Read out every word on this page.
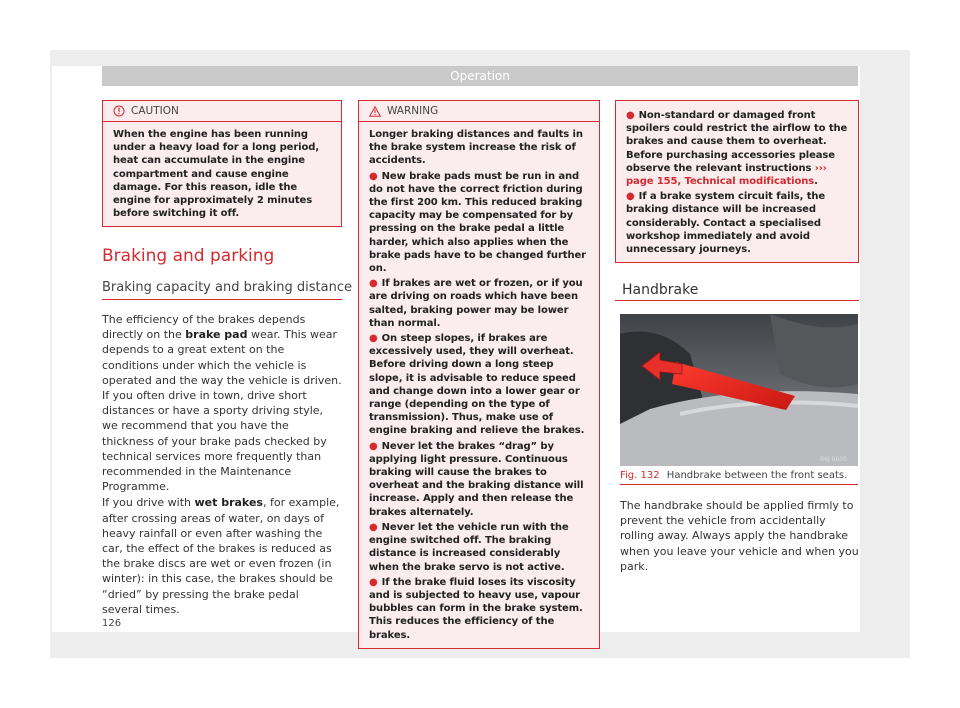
Operation
CAUTION
When the engine has been running under a heavy load for a long period, heat can accumulate in the engine compartment and cause engine damage. For this reason, idle the engine for approximately 2 minutes before switching it off.
Braking and parking
Braking capacity and braking distance

The efficiency of the brakes depends directly on the brake pad wear. This wear depends to a great extent on the conditions under which the vehicle is operated and the way the vehicle is driven. If you often drive in town, drive short distances or have a sporty driving style, we recommend that you have the thickness of your brake pads checked by technical services more frequently than recommended in the Maintenance Programme.

If you drive with wet brakes, for example, after crossing areas of water, on days of heavy rainfall or even after washing the car, the effect of the brakes is reduced as the brake discs are wet or even frozen (in winter): in this case, the brakes should be “dried” by pressing the brake pedal several times.

WARNING
Longer braking distances and faults in the brake system increase the risk of accidents.
● New brake pads must be run in and do not have the correct friction during the first 200 km. This reduced braking capacity may be compensated for by pressing on the brake pedal a little harder, which also applies when the brake pads have to be changed further on.
● If brakes are wet or frozen, or if you are driving on roads which have been salted, braking power may be lower than normal.
● On steep slopes, if brakes are excessively used, they will overheat. Before driving down a long steep slope, it is advisable to reduce speed and change down into a lower gear or range (depending on the type of transmission). Thus, make use of engine braking and relieve the brakes.
● Never let the brakes “drag” by applying light pressure. Continuous braking will cause the brakes to overheat and the braking distance will increase. Apply and then release the brakes alternately.
● Never let the vehicle run with the engine switched off. The braking distance is increased considerably when the brake servo is not active.
● If the brake fluid loses its viscosity and is subjected to heavy use, vapour bubbles can form in the brake system. This reduces the efficiency of the brakes.
● Non-standard or damaged front spoilers could restrict the airflow to the brakes and cause them to overheat. Before purchasing accessories please observe the relevant instructions ››› page 155, Technical modifications.
● If a brake system circuit fails, the braking distance will be increased considerably. Contact a specialised workshop immediately and avoid unnecessary journeys.
Handbrake
B6J-0600
Fig. 132 Handbrake between the front seats.
The handbrake should be applied firmly to prevent the vehicle from accidentally rolling away. Always apply the handbrake when you leave your vehicle and when you park.
126
